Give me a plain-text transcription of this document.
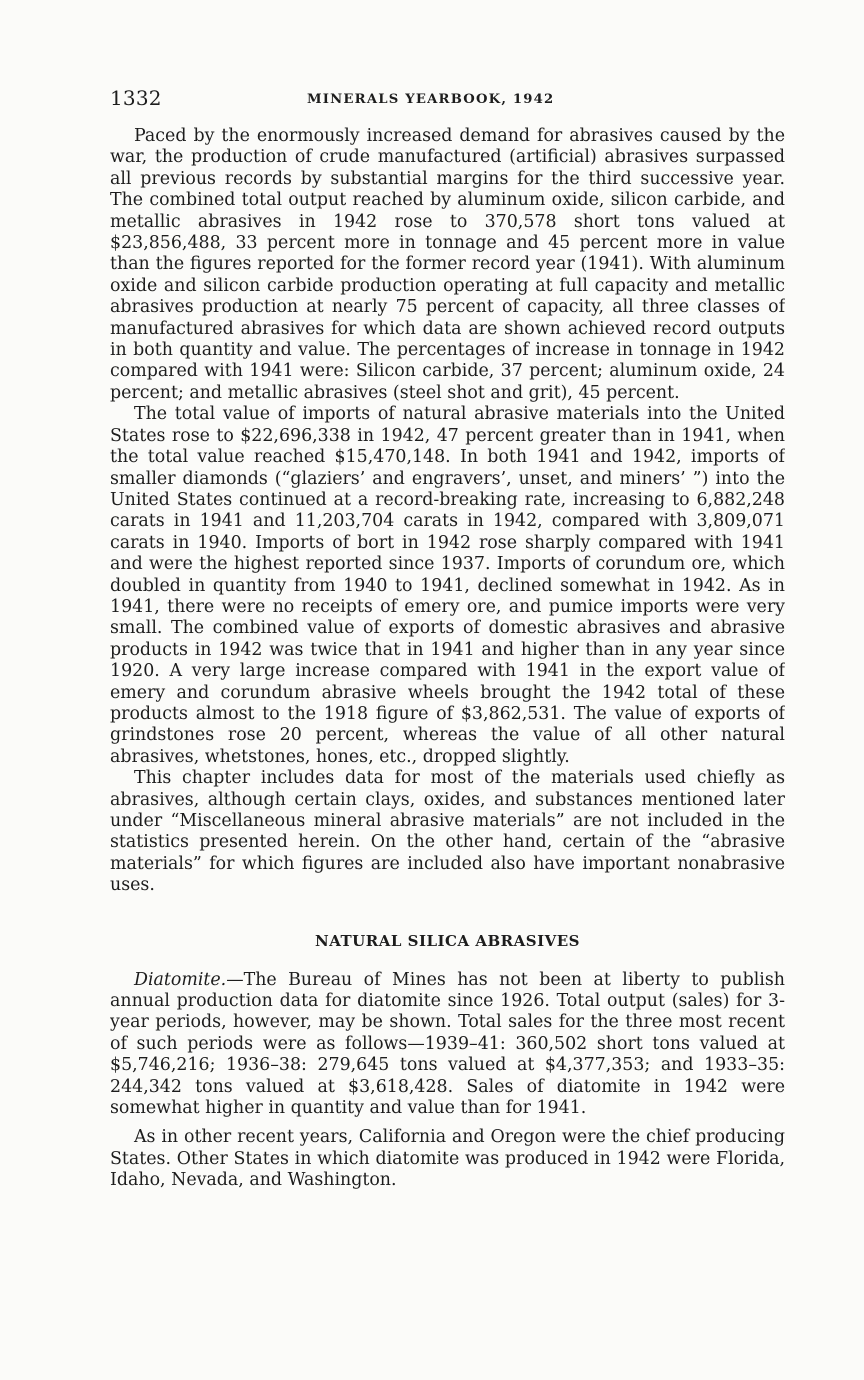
1332	MINERALS YEARBOOK, 1942

Paced by the enormously increased demand for abrasives caused by the war, the production of crude manufactured (artificial) abrasives surpassed all previous records by substantial margins for the third successive year. The combined total output reached by aluminum oxide, silicon carbide, and metallic abrasives in 1942 rose to 370,578 short tons valued at $23,856,488, 33 percent more in tonnage and 45 percent more in value than the figures reported for the former record year (1941). With aluminum oxide and silicon carbide production operating at full capacity and metallic abrasives production at nearly 75 percent of capacity, all three classes of manufactured abrasives for which data are shown achieved record outputs in both quantity and value. The percentages of increase in tonnage in 1942 compared with 1941 were: Silicon carbide, 37 percent; aluminum oxide, 24 percent; and metallic abrasives (steel shot and grit), 45 percent.

The total value of imports of natural abrasive materials into the United States rose to $22,696,338 in 1942, 47 percent greater than in 1941, when the total value reached $15,470,148. In both 1941 and 1942, imports of smaller diamonds (“glaziers’ and engravers’, unset, and miners’ ”) into the United States continued at a record-breaking rate, increasing to 6,882,248 carats in 1941 and 11,203,704 carats in 1942, compared with 3,809,071 carats in 1940. Imports of bort in 1942 rose sharply compared with 1941 and were the highest reported since 1937. Imports of corundum ore, which doubled in quantity from 1940 to 1941, declined somewhat in 1942. As in 1941, there were no receipts of emery ore, and pumice imports were very small. The combined value of exports of domestic abrasives and abrasive products in 1942 was twice that in 1941 and higher than in any year since 1920. A very large increase compared with 1941 in the export value of emery and corundum abrasive wheels brought the 1942 total of these products almost to the 1918 figure of $3,862,531. The value of exports of grindstones rose 20 percent, whereas the value of all other natural abrasives, whetstones, hones, etc., dropped slightly.

This chapter includes data for most of the materials used chiefly as abrasives, although certain clays, oxides, and substances mentioned later under “Miscellaneous mineral abrasive materials” are not included in the statistics presented herein. On the other hand, certain of the “abrasive materials” for which figures are included also have important nonabrasive uses.

NATURAL SILICA ABRASIVES

Diatomite.—The Bureau of Mines has not been at liberty to publish annual production data for diatomite since 1926. Total output (sales) for 3-year periods, however, may be shown. Total sales for the three most recent of such periods were as follows—1939–41: 360,502 short tons valued at $5,746,216; 1936–38: 279,645 tons valued at $4,377,353; and 1933–35: 244,342 tons valued at $3,618,428. Sales of diatomite in 1942 were somewhat higher in quantity and value than for 1941.

As in other recent years, California and Oregon were the chief producing States. Other States in which diatomite was produced in 1942 were Florida, Idaho, Nevada, and Washington.
